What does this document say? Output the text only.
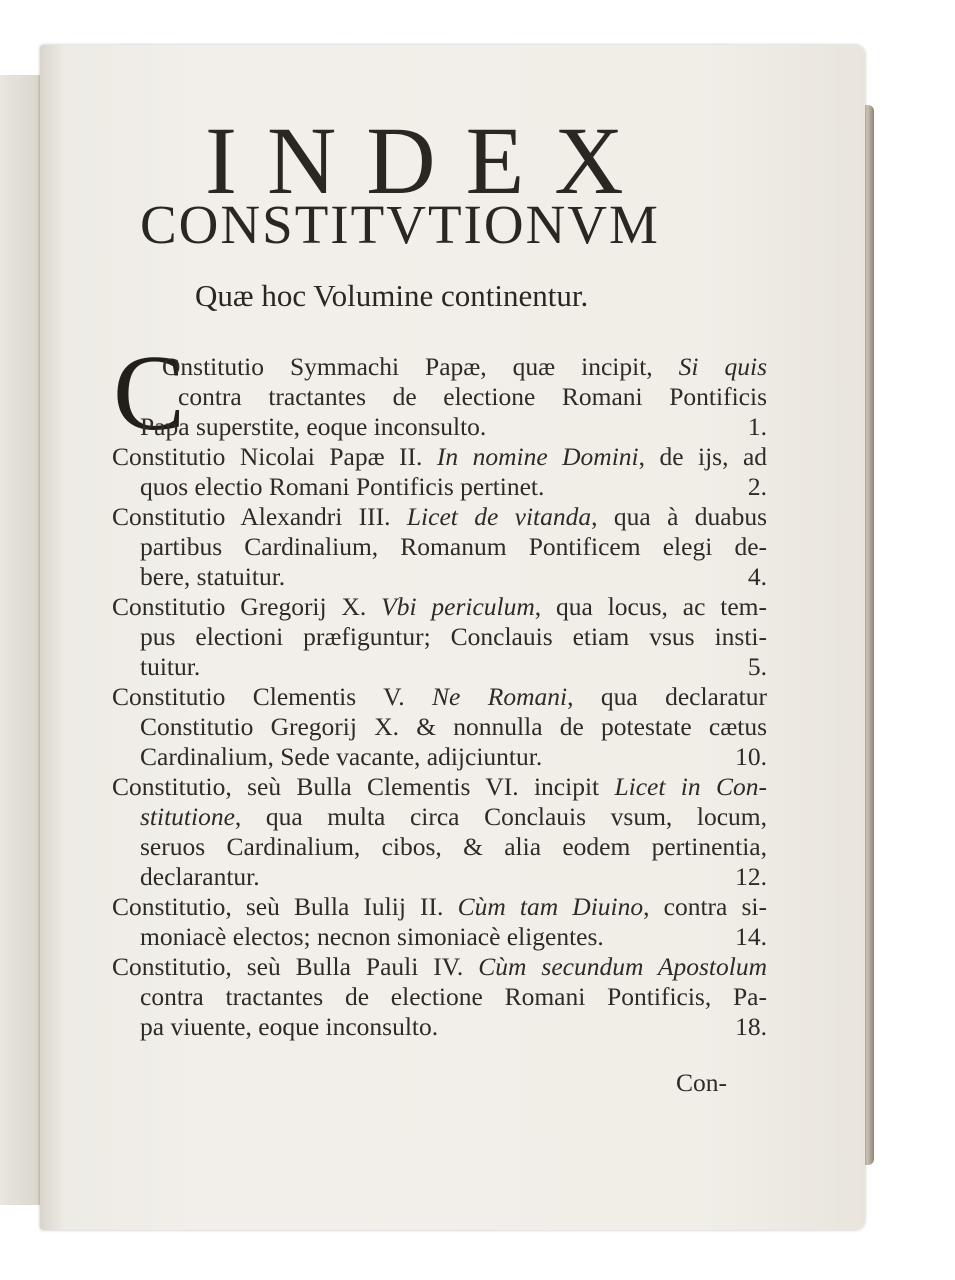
INDEX
CONSTITVTIONVM
Quæ hoc Volumine continentur.
C
Onstitutio Symmachi Papæ, quæ incipit, Si quis
contra tractantes de electione Romani Pontificis
Papa superstite, eoque inconsulto.	1.
Constitutio Nicolai Papæ II. In nomine Domini, de ijs, ad
quos electio Romani Pontificis pertinet.	2.
Constitutio Alexandri III. Licet de vitanda, qua à duabus
partibus Cardinalium, Romanum Pontificem elegi de-
bere, statuitur.	4.
Constitutio Gregorij X. Vbi periculum, qua locus, ac tem-
pus electioni præfiguntur; Conclauis etiam vsus insti-
tuitur.	5.
Constitutio Clementis V. Ne Romani, qua declaratur
Constitutio Gregorij X. & nonnulla de potestate cætus
Cardinalium, Sede vacante, adijciuntur.	10.
Constitutio, seù Bulla Clementis VI. incipit Licet in Con-
stitutione, qua multa circa Conclauis vsum, locum,
seruos Cardinalium, cibos, & alia eodem pertinentia,
declarantur.	12.
Constitutio, seù Bulla Iulij II. Cùm tam Diuino, contra si-
moniacè electos; necnon simoniacè eligentes.	14.
Constitutio, seù Bulla Pauli IV. Cùm secundum Apostolum
contra tractantes de electione Romani Pontificis, Pa-
pa viuente, eoque inconsulto.	18.
Con-
